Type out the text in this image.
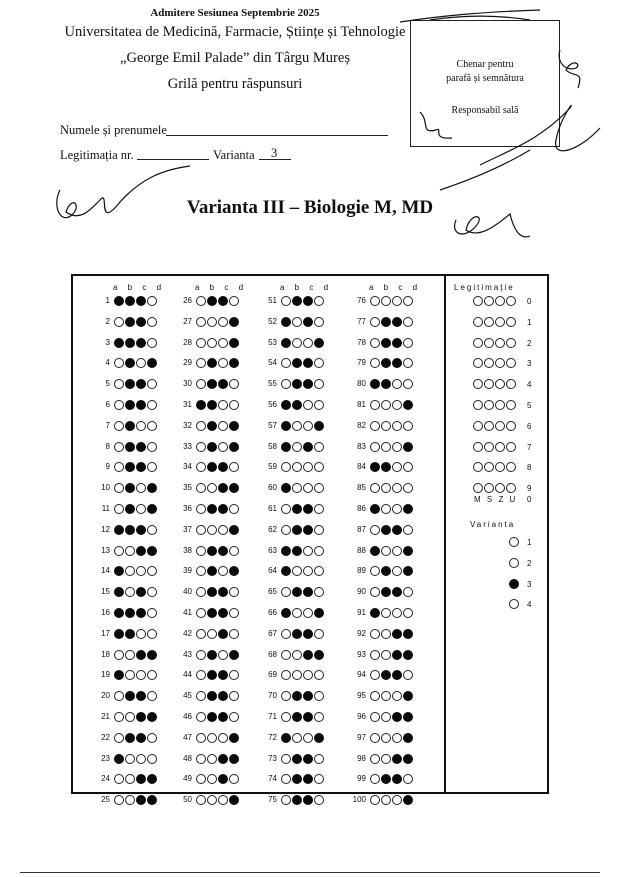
Admitere Sesiunea Septembrie 2025
Universitatea de Medicină, Farmacie, Științe și Tehnologie
„George Emil Palade” din Târgu Mureș
Grilă pentru răspunsuri
Numele și prenumele
Legitimația nr.	Varianta 3
Chenar pentru
parafă și semnătura
Responsabil sală
Varianta III – Biologie M, MD
a b c d
1
2
3
4
5
6
7
8
9
10
11
12
13
14
15
16
17
18
19
20
21
22
23
24
25
a b c d
26
27
28
29
30
31
32
33
34
35
36
37
38
39
40
41
42
43
44
45
46
47
48
49
50
a b c d
51
52
53
54
55
56
57
58
59
60
61
62
63
64
65
66
67
68
69
70
71
72
73
74
75
a b c d
76
77
78
79
80
81
82
83
84
85
86
87
88
89
90
91
92
93
94
95
96
97
98
99
100
Legitimație
0
1
2
3
4
5
6
7
8
9
M S Z U 0
Varianta
1
2
3
4
